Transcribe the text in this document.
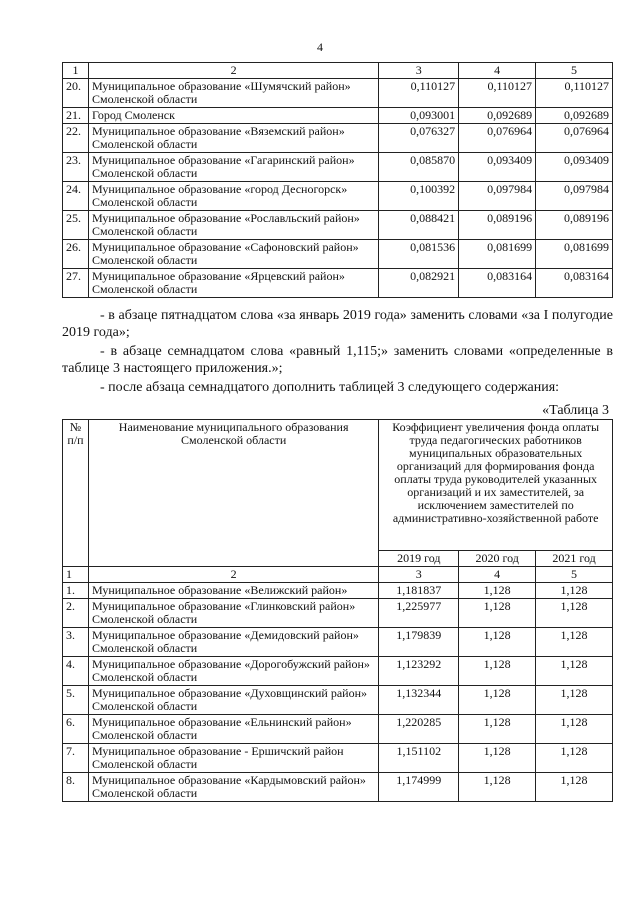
4
1	2	3	4	5
20.	Муниципальное образование «Шумячский район» Смоленской области	0,110127	0,110127	0,110127
21.	Город Смоленск	0,093001	0,092689	0,092689
22.	Муниципальное образование «Вяземский район» Смоленской области	0,076327	0,076964	0,076964
23.	Муниципальное образование «Гагаринский район» Смоленской области	0,085870	0,093409	0,093409
24.	Муниципальное образование «город Десногорск» Смоленской области	0,100392	0,097984	0,097984
25.	Муниципальное образование «Рославльский район» Смоленской области	0,088421	0,089196	0,089196
26.	Муниципальное образование «Сафоновский район» Смоленской области	0,081536	0,081699	0,081699
27.	Муниципальное образование «Ярцевский район» Смоленской области	0,082921	0,083164	0,083164

- в абзаце пятнадцатом слова «за январь 2019 года» заменить словами «за I полугодие 2019 года»;

- в абзаце семнадцатом слова «равный 1,115;» заменить словами «определенные в таблице 3 настоящего приложения.»;

- после абзаца семнадцатого дополнить таблицей 3 следующего содержания:

«Таблица 3
№ п/п	Наименование муниципального образования Смоленской области	Коэффициент увеличения фонда оплаты труда педагогических работников муниципальных образовательных организаций для формирования фонда оплаты труда руководителей указанных организаций и их заместителей, за исключением заместителей по административно-хозяйственной работе		
		2019 год	2020 год	2021 год
1	2	3	4	5
1.	Муниципальное образование «Велижский район»	1,181837	1,128	1,128
2.	Муниципальное образование «Глинковский район» Смоленской области	1,225977	1,128	1,128
3.	Муниципальное образование «Демидовский район» Смоленской области	1,179839	1,128	1,128
4.	Муниципальное образование «Дорогобужский район» Смоленской области	1,123292	1,128	1,128
5.	Муниципальное образование «Духовщинский район» Смоленской области	1,132344	1,128	1,128
6.	Муниципальное образование «Ельнинский район» Смоленской области	1,220285	1,128	1,128
7.	Муниципальное образование - Ершичский район Смоленской области	1,151102	1,128	1,128
8.	Муниципальное образование «Кардымовский район» Смоленской области	1,174999	1,128	1,128
